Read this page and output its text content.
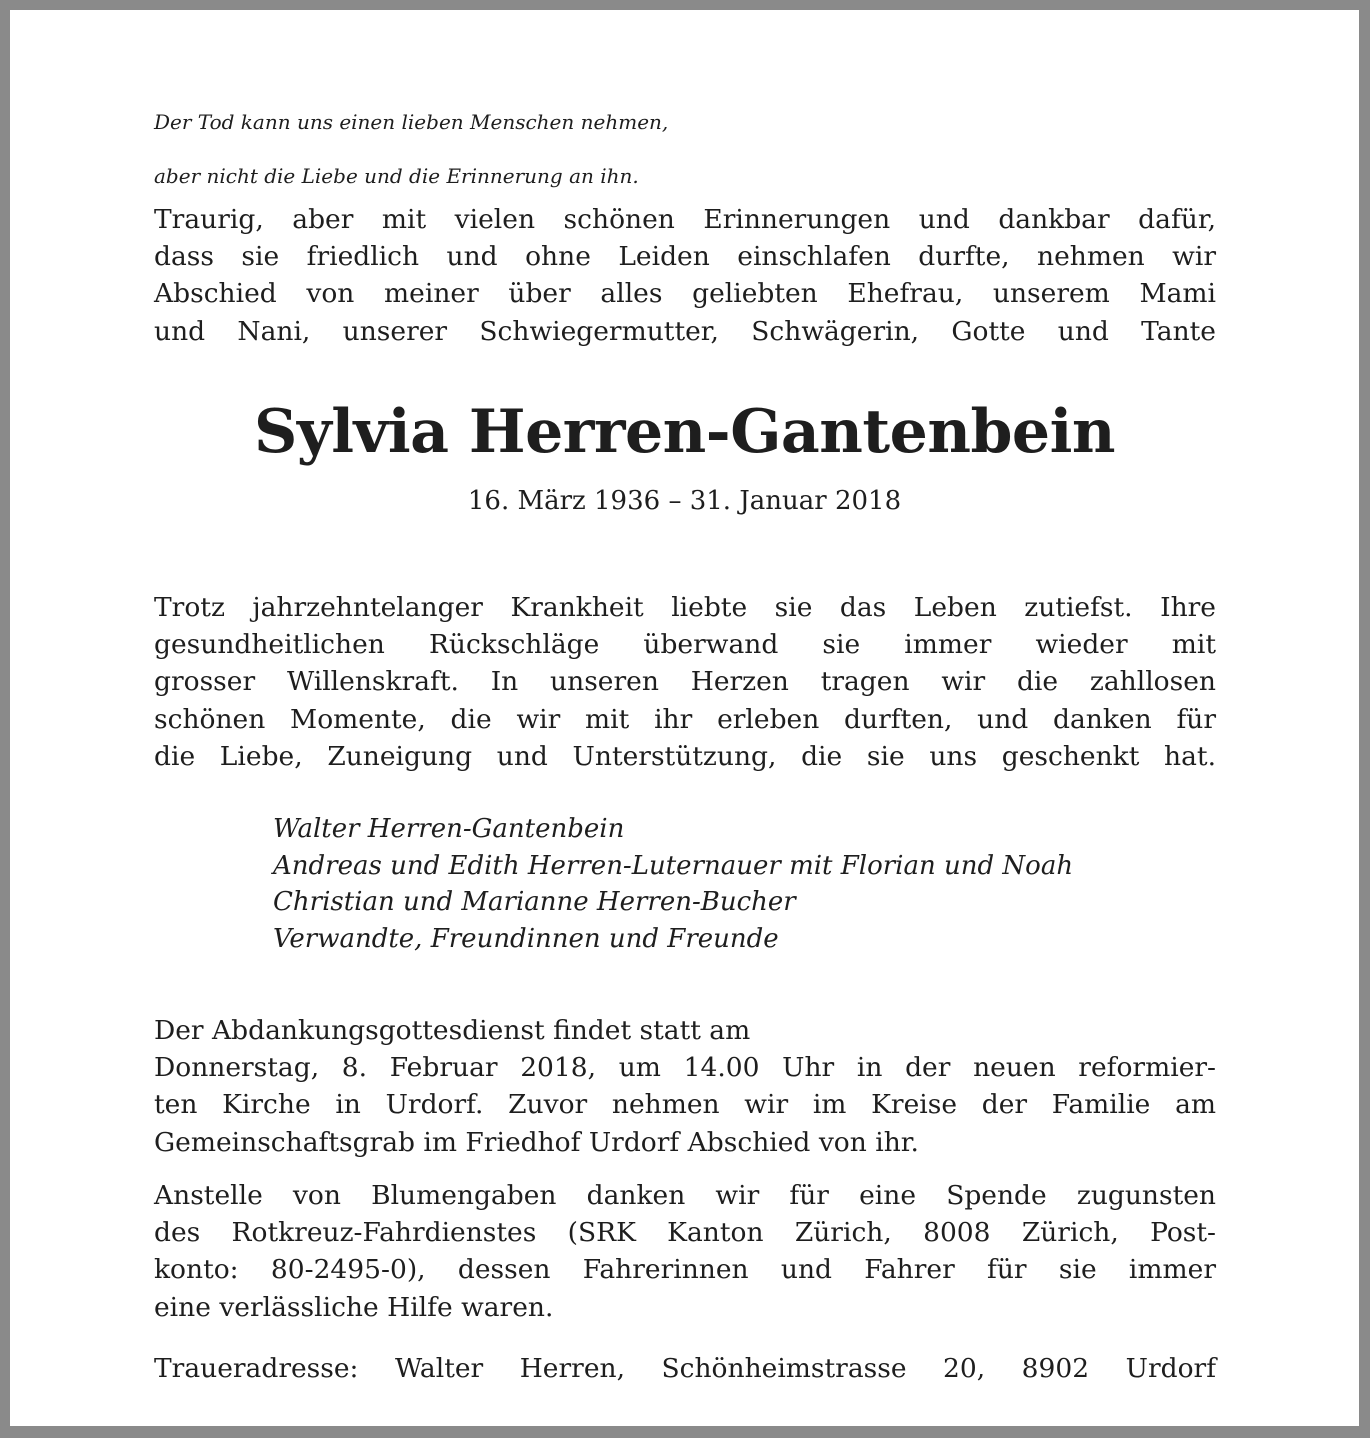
Der Tod kann uns einen lieben Menschen nehmen,

aber nicht die Liebe und die Erinnerung an ihn.

Traurig, aber mit vielen schönen Erinnerungen und dankbar dafür,
dass sie friedlich und ohne Leiden einschlafen durfte, nehmen wir
Abschied von meiner über alles geliebten Ehefrau, unserem Mami
und Nani, unserer Schwiegermutter, Schwägerin, Gotte und Tante
Sylvia Herren-Gantenbein
16. März 1936 – 31. Januar 2018
Trotz jahrzehntelanger Krankheit liebte sie das Leben zutiefst. Ihre
gesundheitlichen Rückschläge überwand sie immer wieder mit
grosser Willenskraft. In unseren Herzen tragen wir die zahllosen
schönen Momente, die wir mit ihr erleben durften, und danken für
die Liebe, Zuneigung und Unterstützung, die sie uns geschenkt hat.
Walter Herren-Gantenbein
Andreas und Edith Herren-Luternauer mit Florian und Noah
Christian und Marianne Herren-Bucher
Verwandte, Freundinnen und Freunde
Der Abdankungsgottesdienst findet statt am
Donnerstag, 8. Februar 2018, um 14.00 Uhr in der neuen reformier-
ten Kirche in Urdorf. Zuvor nehmen wir im Kreise der Familie am
Gemeinschaftsgrab im Friedhof Urdorf Abschied von ihr.
Anstelle von Blumengaben danken wir für eine Spende zugunsten
des Rotkreuz-Fahrdienstes (SRK Kanton Zürich, 8008 Zürich, Post-
konto: 80-2495-0), dessen Fahrerinnen und Fahrer für sie immer
eine verlässliche Hilfe waren.
Traueradresse: Walter Herren, Schönheimstrasse 20, 8902 Urdorf
